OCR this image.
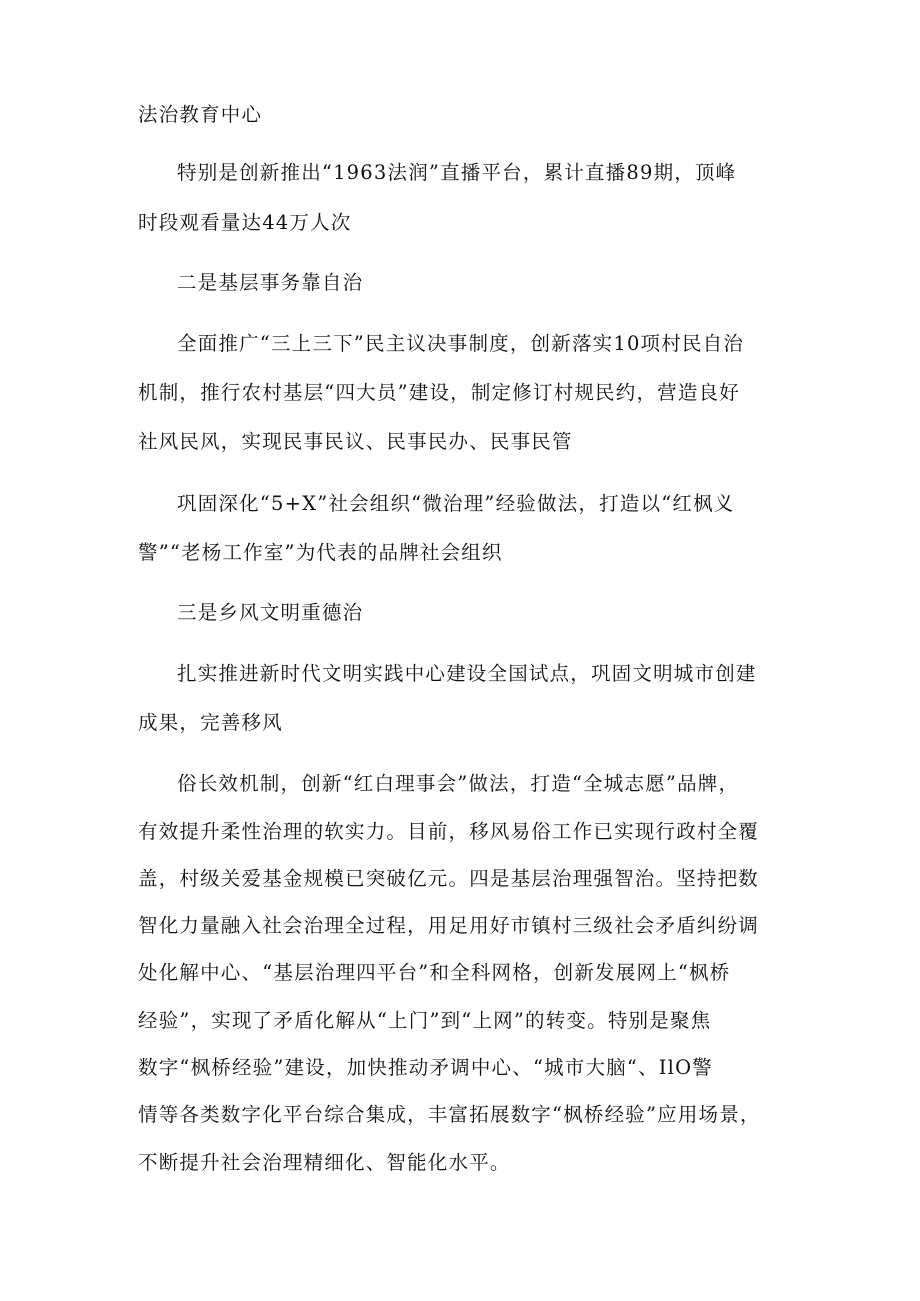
法治教育中心
特别是创新推出“1963法润”直播平台，累计直播89期，顶峰
时段观看量达44万人次
二是基层事务靠自治
全面推广“三上三下”民主议决事制度，创新落实10项村民自治
机制，推行农村基层“四大员”建设，制定修订村规民约，营造良好
社风民风，实现民事民议、民事民办、民事民管
巩固深化“5+X”社会组织“微治理”经验做法，打造以“红枫义
警”“老杨工作室”为代表的品牌社会组织
三是乡风文明重德治
扎实推进新时代文明实践中心建设全国试点，巩固文明城市创建
成果，完善移风
俗长效机制，创新“红白理事会”做法，打造“全城志愿”品牌，
有效提升柔性治理的软实力。目前，移风易俗工作已实现行政村全覆
盖，村级关爱基金规模已突破亿元。四是基层治理强智治。坚持把数
智化力量融入社会治理全过程，用足用好市镇村三级社会矛盾纠纷调
处化解中心、“基层治理四平台”和全科网格，创新发展网上“枫桥
经验”，实现了矛盾化解从“上门”到“上网”的转变。特别是聚焦
数字“枫桥经验”建设，加快推动矛调中心、“城市大脑“、IlO警
情等各类数字化平台综合集成，丰富拓展数字“枫桥经验”应用场景，
不断提升社会治理精细化、智能化水平。
